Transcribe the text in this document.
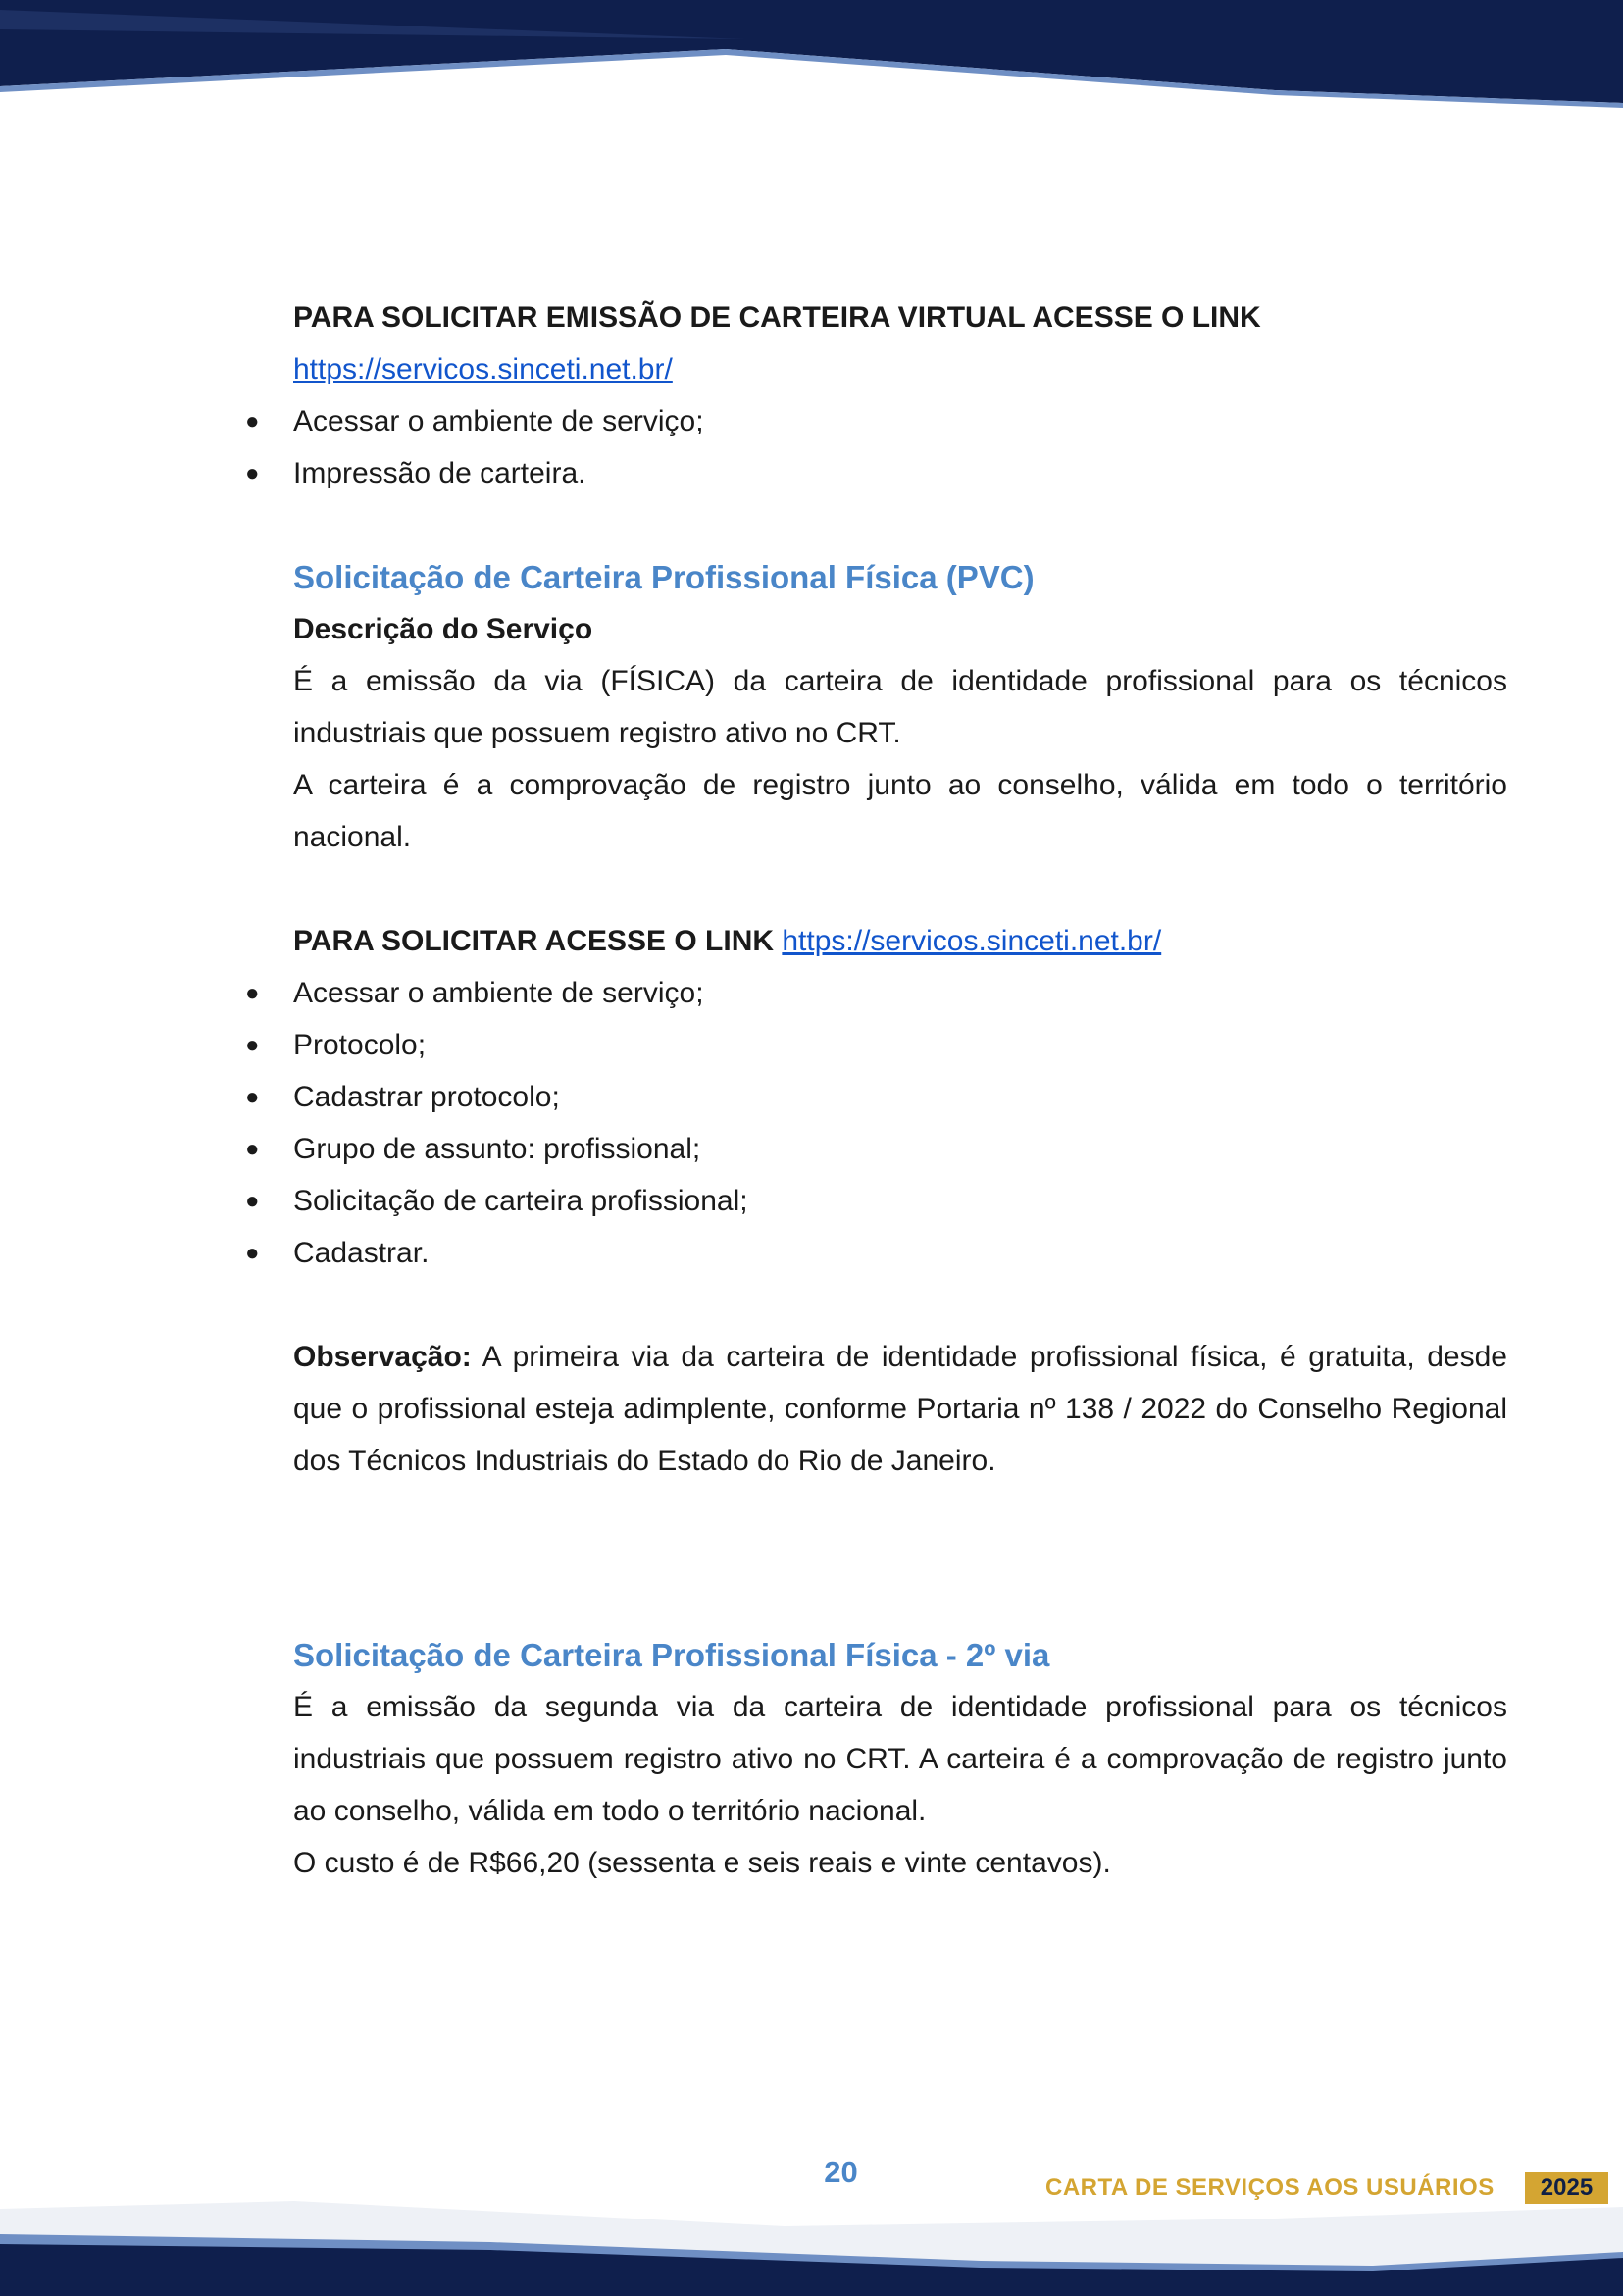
PARA SOLICITAR EMISSÃO DE CARTEIRA VIRTUAL ACESSE O LINK

https://servicos.sinceti.net.br/

● Acessar o ambiente de serviço;
● Impressão de carteira.
Solicitação de Carteira Profissional Física (PVC)

Descrição do Serviço

É a emissão da via (FÍSICA) da carteira de identidade profissional para os técnicos industriais que possuem registro ativo no CRT.

A carteira é a comprovação de registro junto ao conselho, válida em todo o território nacional.

PARA SOLICITAR ACESSE O LINK https://servicos.sinceti.net.br/

● Acessar o ambiente de serviço;
● Protocolo;
● Cadastrar protocolo;
● Grupo de assunto: profissional;
● Solicitação de carteira profissional;
● Cadastrar.

Observação: A primeira via da carteira de identidade profissional física, é gratuita, desde que o profissional esteja adimplente, conforme Portaria nº 138 / 2022 do Conselho Regional dos Técnicos Industriais do Estado do Rio de Janeiro.

Solicitação de Carteira Profissional Física - 2º via

É a emissão da segunda via da carteira de identidade profissional para os técnicos industriais que possuem registro ativo no CRT. A carteira é a comprovação de registro junto ao conselho, válida em todo o território nacional.

O custo é de R$66,20 (sessenta e seis reais e vinte centavos).

20	CARTA DE SERVIÇOS AOS USUÁRIOS	2025
